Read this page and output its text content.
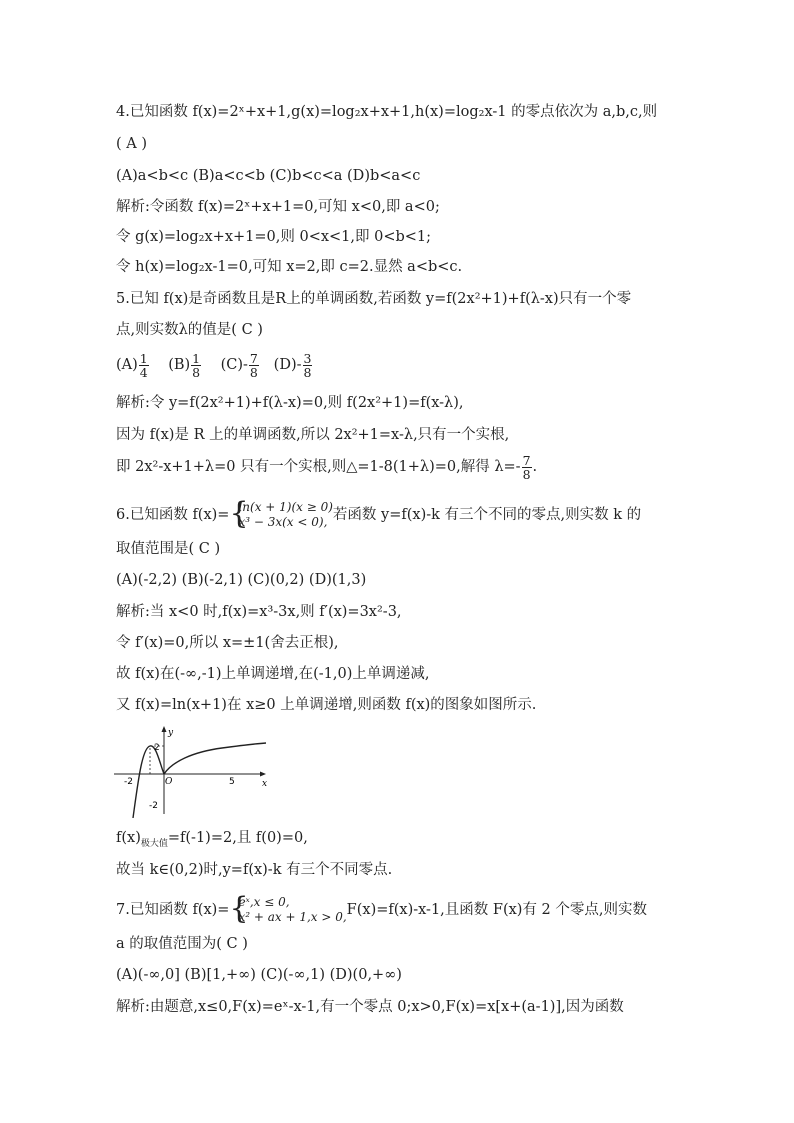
4.已知函数 f(x)=2ˣ+x+1,g(x)=log₂x+x+1,h(x)=log₂x-1 的零点依次为 a,b,c,则
( A )
(A)a<b<c (B)a<c<b (C)b<c<a (D)b<a<c
解析:令函数 f(x)=2ˣ+x+1=0,可知 x<0,即 a<0;
令 g(x)=log₂x+x+1=0,则 0<x<1,即 0<b<1;
令 h(x)=log₂x-1=0,可知 x=2,即 c=2.显然 a<b<c.
5.已知 f(x)是奇函数且是R上的单调函数,若函数 y=f(2x²+1)+f(λ-x)只有一个零
点,则实数λ的值是( C )
$(A) \frac{1}{4} (B) \frac{1}{8} (C)- \frac{7}{8} (D)- \frac{3}{8}$
解析:令 y=f(2x²+1)+f(λ-x)=0,则 f(2x²+1)=f(x-λ),
因为 f(x)是 R 上的单调函数,所以 2x²+1=x-λ,只有一个实根,
即 2x²-x+1+λ=0 只有一个实根,则△=1-8(1+λ)=0,解得 $\lambda=- \frac{7}{8}$ .
6.已知函数 f(x)= {
ln(x + 1)(x ≥ 0)
x³ − 3x(x < 0), 若函数 y=f(x)-k 有三个不同的零点,则实数 k 的
取值范围是( C )
(A)(-2,2) (B)(-2,1) (C)(0,2) (D)(1,3)
解析:当 x<0 时,f(x)=x³-3x,则 f′(x)=3x²-3,
令 f′(x)=0,所以 x=±1(舍去正根),
故 f(x)在(-∞,-1)上单调递增,在(-1,0)上单调递减,
又 f(x)=ln(x+1)在 x≥0 上单调递增,则函数 f(x)的图象如图所示.
y
x
2
-2
-2	5
O
$f(x)_{极大值}=f(-1)=2$,且 f(0)=0,
故当 k∈(0,2)时,y=f(x)-k 有三个不同零点.
7.已知函数 f(x)= {
eˣ,x ≤ 0,
x² + ax + 1,x > 0, F(x)=f(x)-x-1,且函数 F(x)有 2 个零点,则实数
a 的取值范围为( C )
(A)(-∞,0] (B)[1,+∞) (C)(-∞,1) (D)(0,+∞)
解析:由题意,x≤0,F(x)=eˣ-x-1,有一个零点 0;x>0,F(x)=x[x+(a-1)],因为函数
